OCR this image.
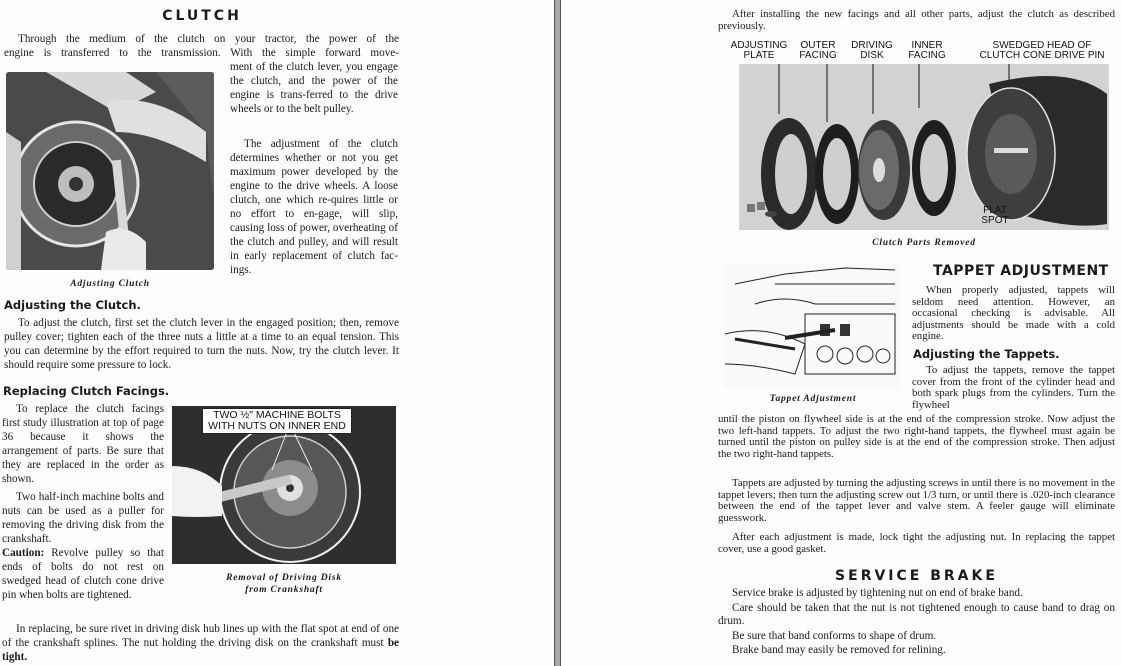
CLUTCH

Through the medium of the clutch on your tractor, the power of the

engine is transferred to the transmission. With the simple forward move-

ment of the clutch lever, you engage the clutch, and the power of the engine is trans-ferred to the drive wheels or to the belt pulley.

The adjustment of the clutch determines whether or not you get maximum power developed by the engine to the drive wheels. A loose clutch, one which re-quires little or no effort to en-gage, will slip, causing loss of power, overheating of the clutch and pulley, and will result in early replacement of clutch fac-ings.

Adjusting Clutch
Adjusting the Clutch.

To adjust the clutch, first set the clutch lever in the engaged position; then, remove pulley cover; tighten each of the three nuts a little at a time to an equal tension. This you can determine by the effort required to turn the nuts. Now, try the clutch lever. It should require some pressure to lock.

Replacing Clutch Facings.

To replace the clutch facings first study illustration at top of page 36 because it shows the arrangement of parts. Be sure that they are replaced in the order as shown.

Two half-inch machine bolts and nuts can be used as a puller for removing the driving disk from the crankshaft.

Caution: Revolve pulley so that ends of bolts do not rest on swedged head of clutch cone drive pin when bolts are tightened.

TWO ½" MACHINE BOLTS
WITH NUTS ON INNER END
Removal of Driving Disk
from Crankshaft

In replacing, be sure rivet in driving disk hub lines up with the flat spot at end of one of the crankshaft splines. The nut holding the driving disk on the crankshaft must be tight.

After installing the new facings and all other parts, adjust the clutch as described previously.

ADJUSTING
PLATE
OUTER
FACING
DRIVING
DISK
INNER
FACING
SWEDGED HEAD OF
CLUTCH CONE DRIVE PIN
FLAT
SPOT
Clutch Parts Removed
Tappet Adjustment
TAPPET ADJUSTMENT

When properly adjusted, tappets will seldom need attention. However, an occasional checking is advisable. All adjustments should be made with a cold engine.

Adjusting the Tappets.

To adjust the tappets, remove the tappet cover from the front of the cylinder head and both spark plugs from the cylinders. Turn the flywheel

until the piston on flywheel side is at the end of the compression stroke. Now adjust the two left-hand tappets. To adjust the two right-hand tappets, the flywheel must again be turned until the piston on pulley side is at the end of the compression stroke. Then adjust the two right-hand tappets.

Tappets are adjusted by turning the adjusting screws in until there is no movement in the tappet levers; then turn the adjusting screw out 1/3 turn, or until there is .020-inch clearance between the end of the tappet lever and valve stem. A feeler gauge will eliminate guesswork.

After each adjustment is made, lock tight the adjusting nut. In replacing the tappet cover, use a good gasket.

SERVICE BRAKE

Service brake is adjusted by tightening nut on end of brake band.

Care should be taken that the nut is not tightened enough to cause band to drag on drum.

Be sure that band conforms to shape of drum.

Brake band may easily be removed for relining.
